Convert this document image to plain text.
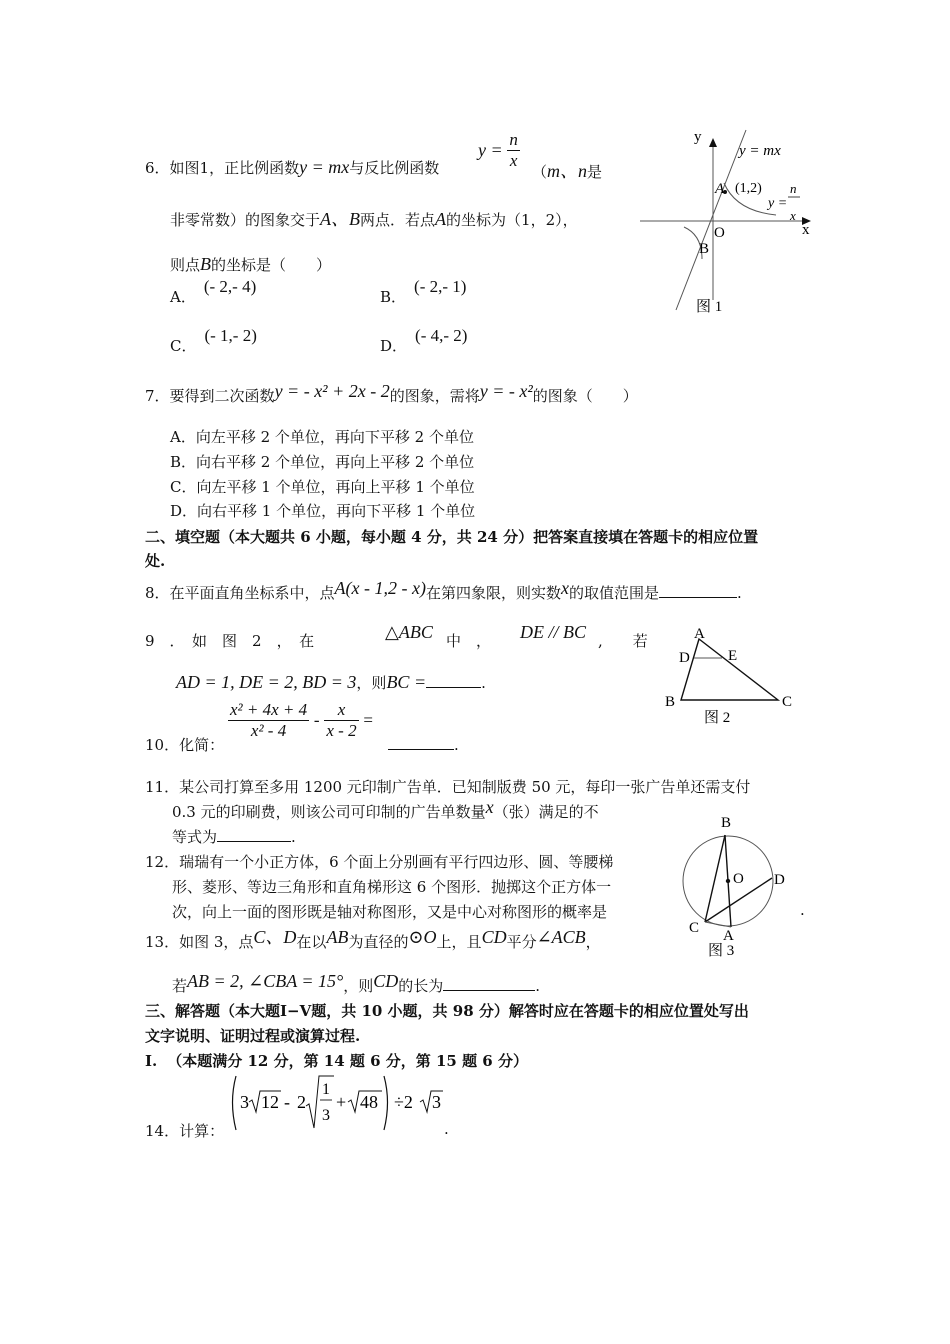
6．如图1，正比例函数y = mx与反比例函数
$y = \frac{n}{x}$
（m、n是
非零常数）的图象交于A、B两点．若点A的坐标为（1，2），
则点B的坐标是（　　）
A．(- 2,- 4)
B．(- 2,- 1)
C．(- 1,- 2)
D．(- 4,- 2)
y
x
O
y = mx
A (1,2)
y =
n
x
B
图 1
7．要得到二次函数y = - x² + 2x - 2的图象，需将y = - x²的图象（　　）
A．向左平移 2 个单位，再向下平移 2 个单位
B．向右平移 2 个单位，再向上平移 2 个单位
C．向左平移 1 个单位，再向上平移 1 个单位
D．向右平移 1 个单位，再向下平移 1 个单位
二、填空题（本大题共 6 小题，每小题 4 分，共 24 分）把答案直接填在答题卡的相应位置
处.
8．在平面直角坐标系中，点A(x - 1,2 - x)在第四象限，则实数x的取值范围是	.
9　．　如　图　2　，　在	△ABC 中　， DE // BC ,　　若
AD = 1, DE = 2, BD = 3，则BC =	.
A
D	E
B	C
图 2
10．化简：
$\frac{\text{x² + 4x + 4}}{\text{x² - 4}} - \frac{x}{x - 2}$ =
.
11．某公司打算至多用 1200 元印制广告单．已知制版费 50 元，每印一张广告单还需支付
0.3 元的印刷费，则该公司可印制的广告单数量x（张）满足的不
等式为	.
12．瑞瑞有一个小正方体，6 个面上分别画有平行四边形、圆、等腰梯
形、菱形、等边三角形和直角梯形这 6 个图形．抛掷这个正方体一
次，向上一面的图形既是轴对称图形，又是中心对称图形的概率是	.
13．如图 3，点C、D在以AB为直径的⊙O上，且CD平分∠ACB，
若AB = 2, ∠CBA = 15°，则CD的长为	.
B
O D
C A
图 3
三、解答题（本大题Ⅰ−Ⅴ题，共 10 小题，共 98 分）解答时应在答题卡的相应位置处写出
文字说明、证明过程或演算过程.
Ⅰ. （本题满分 12 分，第 14 题 6 分，第 15 题 6 分）
14．计算：
3 12 - 2
1
3
+ 48 ÷2 3
.
